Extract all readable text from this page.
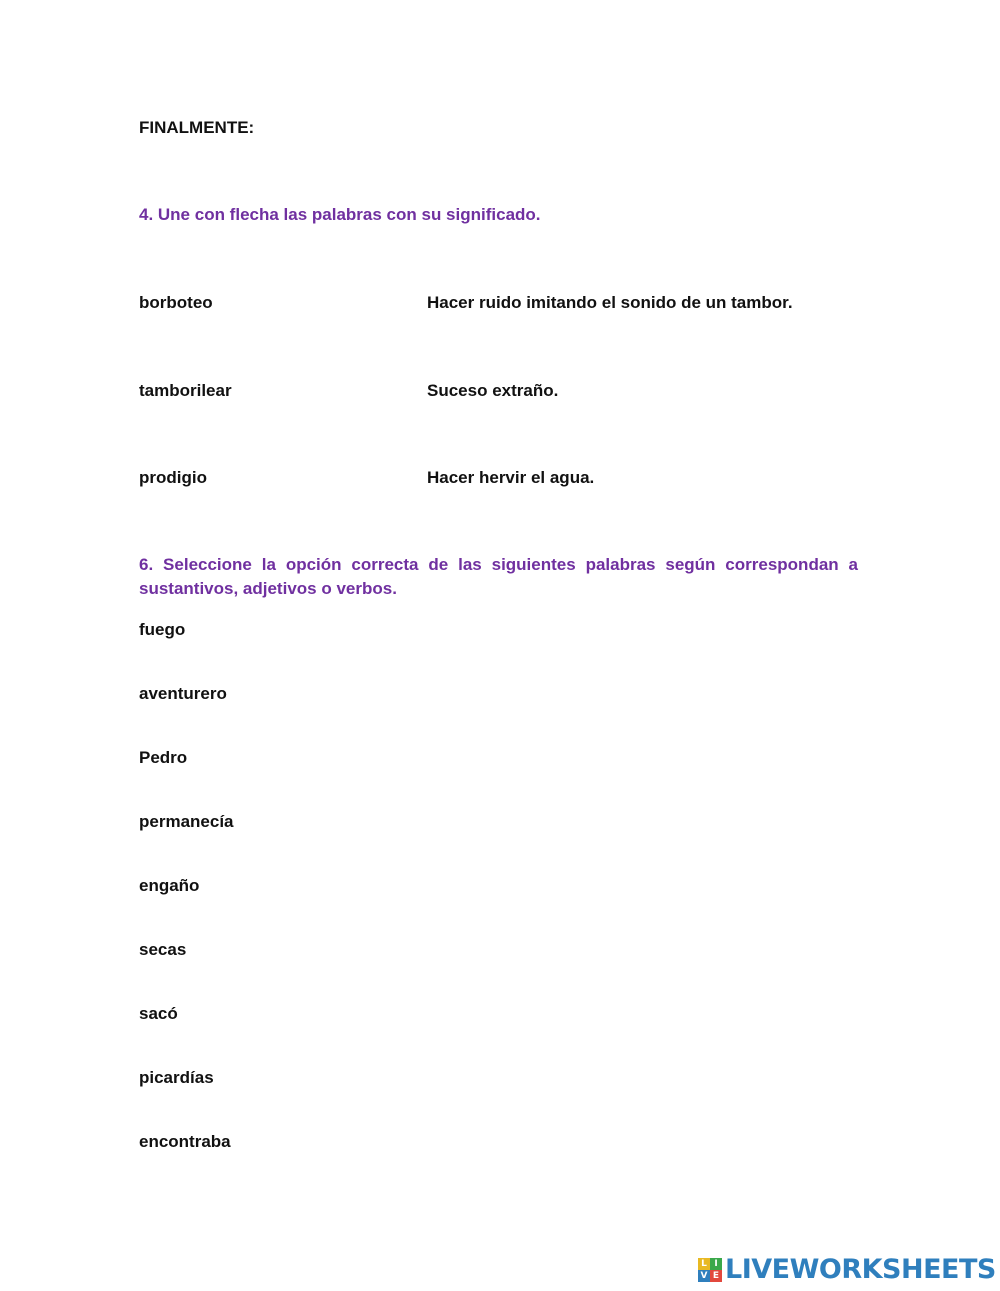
FINALMENTE:
4. Une con flecha las palabras con su significado.
borboteo	Hacer ruido imitando el sonido de un tambor.
tamborilear	Suceso extraño.
prodigio	Hacer hervir el agua.
6. Seleccione la opción correcta de las siguientes palabras según correspondan a sustantivos, adjetivos o verbos.
fuego
aventurero
Pedro
permanecía
engaño
secas
sacó
picardías
encontraba
L I
V E LIVEWORKSHEETS
